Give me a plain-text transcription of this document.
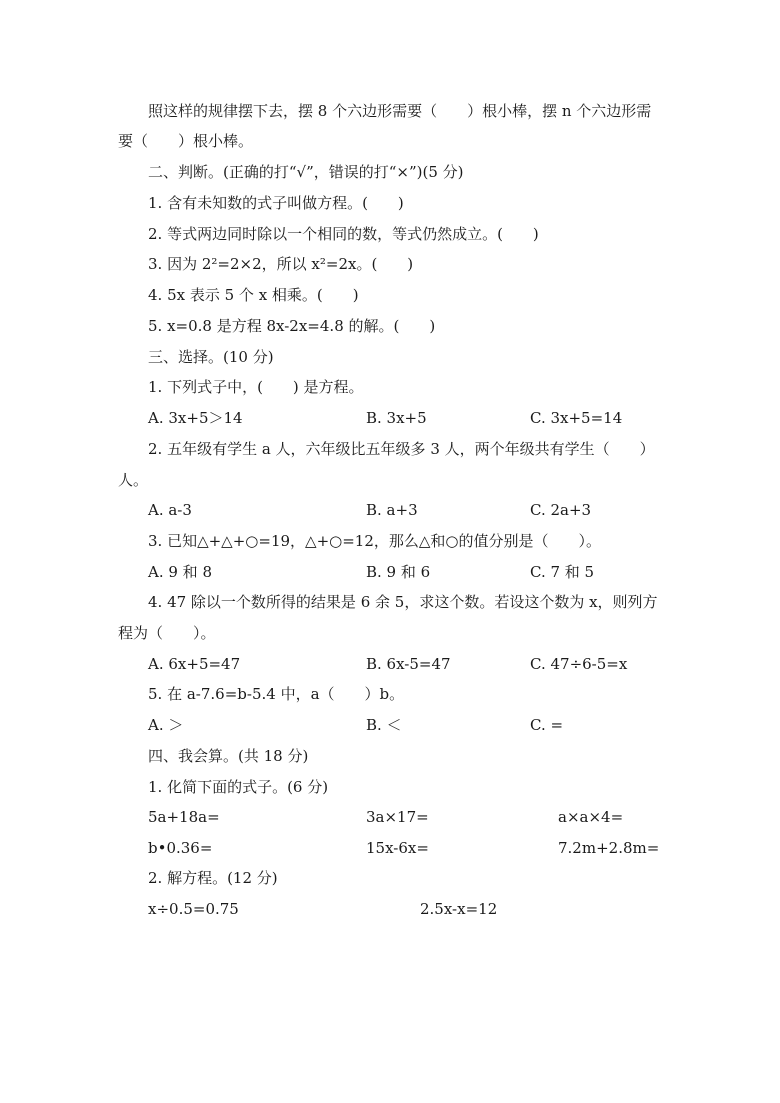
照这样的规律摆下去，摆 8 个六边形需要（　　）根小棒，摆 n 个六边形需
要（　　）根小棒。
二、判断。(正确的打“√”，错误的打“×”)(5 分)
1. 含有未知数的式子叫做方程。(　　)
2. 等式两边同时除以一个相同的数，等式仍然成立。(　　)
3. 因为 2²=2×2，所以 x²=2x。(　　)
4. 5x 表示 5 个 x 相乘。(　　)
5. x=0.8 是方程 8x-2x=4.8 的解。(　　)
三、选择。(10 分)
1. 下列式子中，(　　) 是方程。
A. 3x+5＞14	B. 3x+5	C. 3x+5=14
2. 五年级有学生 a 人，六年级比五年级多 3 人，两个年级共有学生（　　）
人。
A. a-3	B. a+3	C. 2a+3
3. 已知△+△+○=19，△+○=12，那么△和○的值分别是（　　）。
A. 9 和 8	B. 9 和 6	C. 7 和 5
4. 47 除以一个数所得的结果是 6 余 5，求这个数。若设这个数为 x，则列方
程为（　　）。
A. 6x+5=47	B. 6x-5=47	C. 47÷6-5=x
5. 在 a-7.6=b-5.4 中，a（　　）b。
A. ＞	B. ＜	C. =
四、我会算。(共 18 分)
1. 化简下面的式子。(6 分)
5a+18a=	3a×17=	a×a×4=
b•0.36=	15x-6x=	7.2m+2.8m=
2. 解方程。(12 分)
x÷0.5=0.75	2.5x-x=12
